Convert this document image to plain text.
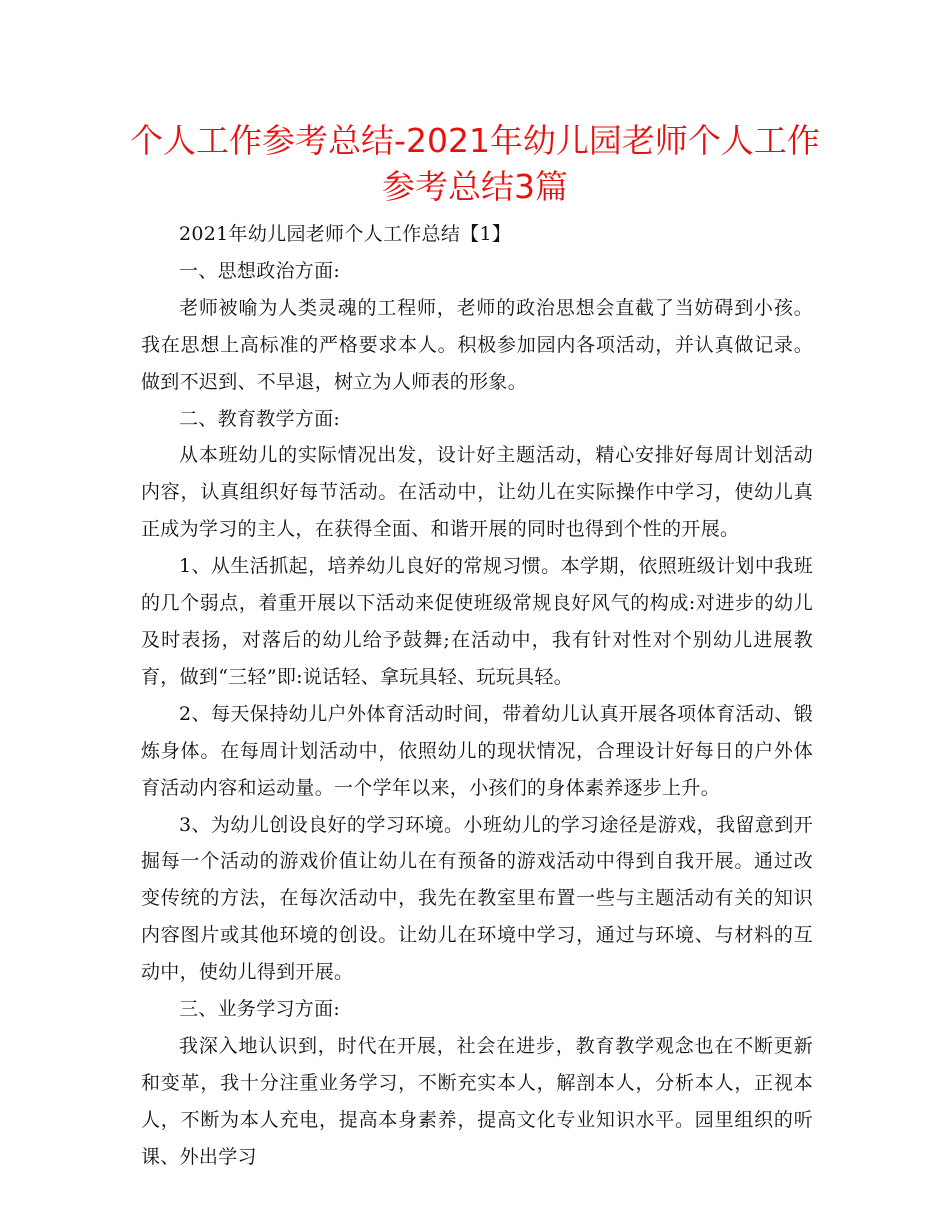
个人工作参考总结-2021年幼儿园老师个人工作参考总结3篇

2021年幼儿园老师个人工作总结【1】

一、思想政治方面:

老师被喻为人类灵魂的工程师，老师的政治思想会直截了当妨碍到小孩。我在思想上高标准的严格要求本人。积极参加园内各项活动，并认真做记录。做到不迟到、不早退，树立为人师表的形象。

二、教育教学方面:

从本班幼儿的实际情况出发，设计好主题活动，精心安排好每周计划活动内容，认真组织好每节活动。在活动中，让幼儿在实际操作中学习，使幼儿真正成为学习的主人，在获得全面、和谐开展的同时也得到个性的开展。

1、从生活抓起，培养幼儿良好的常规习惯。本学期，依照班级计划中我班的几个弱点，着重开展以下活动来促使班级常规良好风气的构成:对进步的幼儿及时表扬，对落后的幼儿给予鼓舞;在活动中，我有针对性对个别幼儿进展教育，做到“三轻”即:说话轻、拿玩具轻、玩玩具轻。

2、每天保持幼儿户外体育活动时间，带着幼儿认真开展各项体育活动、锻炼身体。在每周计划活动中，依照幼儿的现状情况，合理设计好每日的户外体育活动内容和运动量。一个学年以来，小孩们的身体素养逐步上升。

3、为幼儿创设良好的学习环境。小班幼儿的学习途径是游戏，我留意到开掘每一个活动的游戏价值让幼儿在有预备的游戏活动中得到自我开展。通过改变传统的方法，在每次活动中，我先在教室里布置一些与主题活动有关的知识内容图片或其他环境的创设。让幼儿在环境中学习，通过与环境、与材料的互动中，使幼儿得到开展。

三、业务学习方面:

我深入地认识到，时代在开展，社会在进步，教育教学观念也在不断更新和变革，我十分注重业务学习，不断充实本人，解剖本人，分析本人，正视本人，不断为本人充电，提高本身素养，提高文化专业知识水平。园里组织的听课、外出学习
